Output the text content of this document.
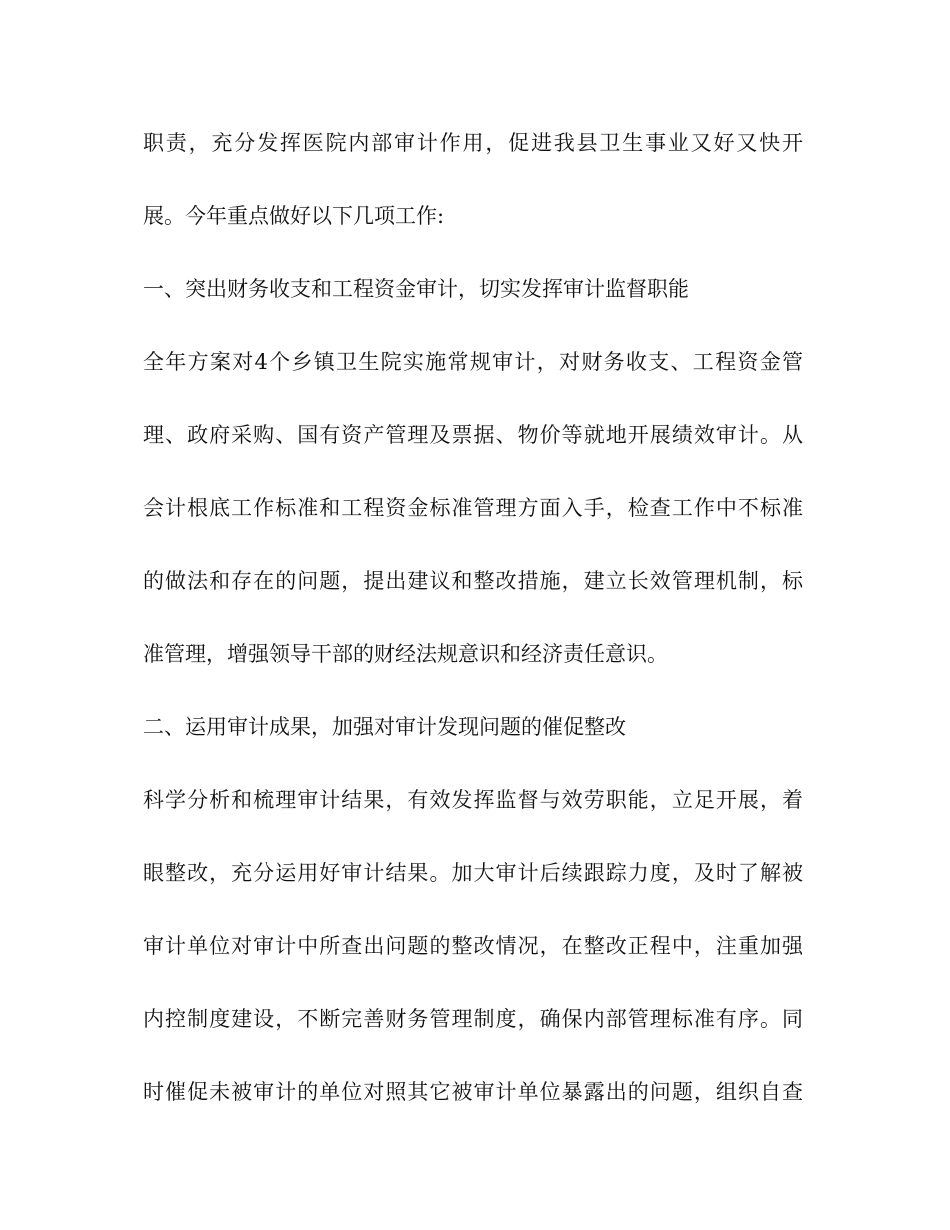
职责，充分发挥医院内部审计作用，促进我县卫生事业又好又快开
展。今年重点做好以下几项工作:
一、突出财务收支和工程资金审计，切实发挥审计监督职能
全年方案对4个乡镇卫生院实施常规审计，对财务收支、工程资金管
理、政府采购、国有资产管理及票据、物价等就地开展绩效审计。从
会计根底工作标准和工程资金标准管理方面入手，检查工作中不标准
的做法和存在的问题，提出建议和整改措施，建立长效管理机制，标
准管理，增强领导干部的财经法规意识和经济责任意识。
二、运用审计成果，加强对审计发现问题的催促整改
科学分析和梳理审计结果，有效发挥监督与效劳职能，立足开展，着
眼整改，充分运用好审计结果。加大审计后续跟踪力度，及时了解被
审计单位对审计中所查出问题的整改情况，在整改正程中，注重加强
内控制度建设，不断完善财务管理制度，确保内部管理标准有序。同
时催促未被审计的单位对照其它被审计单位暴露出的问题，组织自查
